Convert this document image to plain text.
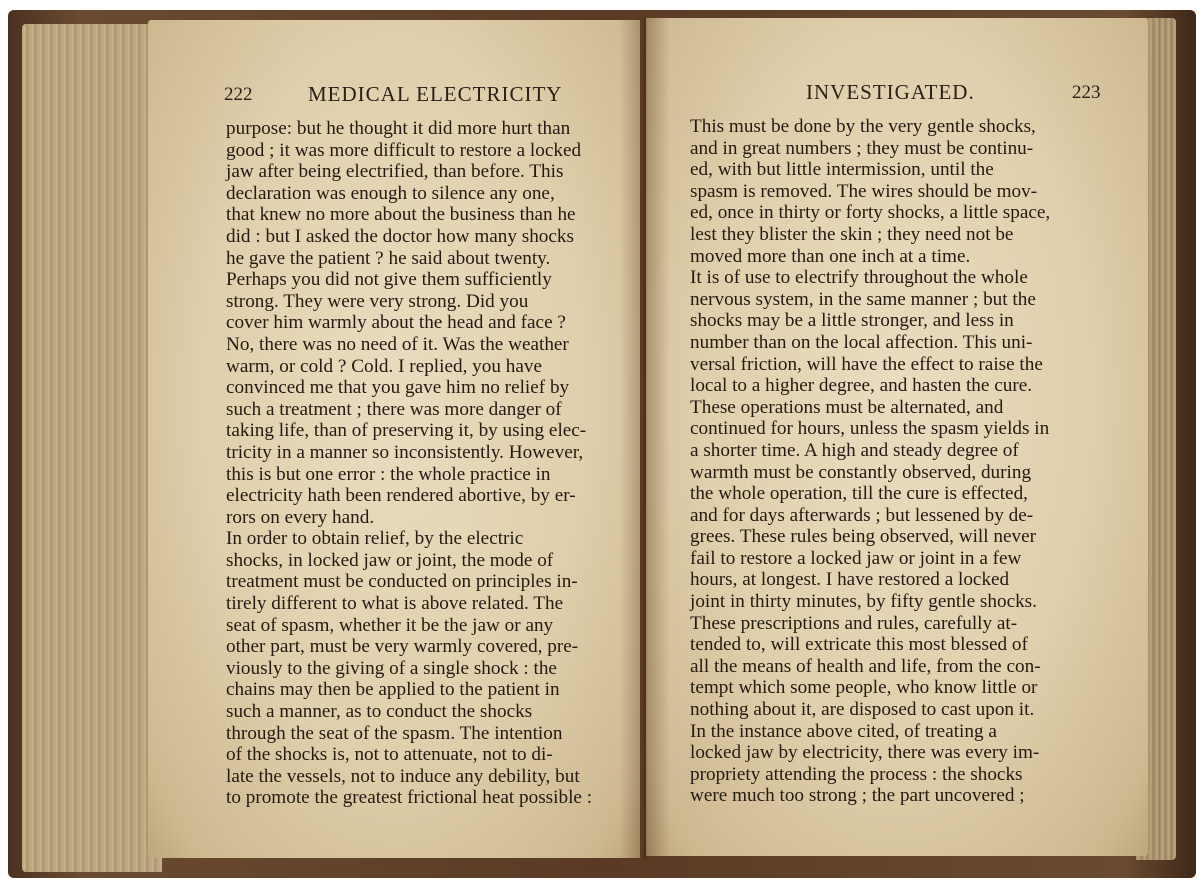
222	MEDICAL ELECTRICITY
purpose: but he thought it did more hurt than
good ; it was more difficult to restore a locked
jaw after being electrified, than before. This
declaration was enough to silence any one,
that knew no more about the business than he
did : but I asked the doctor how many shocks
he gave the patient ? he said about twenty.
Perhaps you did not give them sufficiently
strong. They were very strong. Did you
cover him warmly about the head and face ?
No, there was no need of it. Was the weather
warm, or cold ? Cold. I replied, you have
convinced me that you gave him no relief by
such a treatment ; there was more danger of
taking life, than of preserving it, by using elec-
tricity in a manner so inconsistently. However,
this is but one error : the whole practice in
electricity hath been rendered abortive, by er-
rors on every hand.
In order to obtain relief, by the electric
shocks, in locked jaw or joint, the mode of
treatment must be conducted on principles in-
tirely different to what is above related. The
seat of spasm, whether it be the jaw or any
other part, must be very warmly covered, pre-
viously to the giving of a single shock : the
chains may then be applied to the patient in
such a manner, as to conduct the shocks
through the seat of the spasm. The intention
of the shocks is, not to attenuate, not to di-
late the vessels, not to induce any debility, but
to promote the greatest frictional heat possible :
INVESTIGATED.	223
This must be done by the very gentle shocks,
and in great numbers ; they must be continu-
ed, with but little intermission, until the
spasm is removed. The wires should be mov-
ed, once in thirty or forty shocks, a little space,
lest they blister the skin ; they need not be
moved more than one inch at a time.
It is of use to electrify throughout the whole
nervous system, in the same manner ; but the
shocks may be a little stronger, and less in
number than on the local affection. This uni-
versal friction, will have the effect to raise the
local to a higher degree, and hasten the cure.
These operations must be alternated, and
continued for hours, unless the spasm yields in
a shorter time. A high and steady degree of
warmth must be constantly observed, during
the whole operation, till the cure is effected,
and for days afterwards ; but lessened by de-
grees. These rules being observed, will never
fail to restore a locked jaw or joint in a few
hours, at longest. I have restored a locked
joint in thirty minutes, by fifty gentle shocks.
These prescriptions and rules, carefully at-
tended to, will extricate this most blessed of
all the means of health and life, from the con-
tempt which some people, who know little or
nothing about it, are disposed to cast upon it.
In the instance above cited, of treating a
locked jaw by electricity, there was every im-
propriety attending the process : the shocks
were much too strong ; the part uncovered ;
